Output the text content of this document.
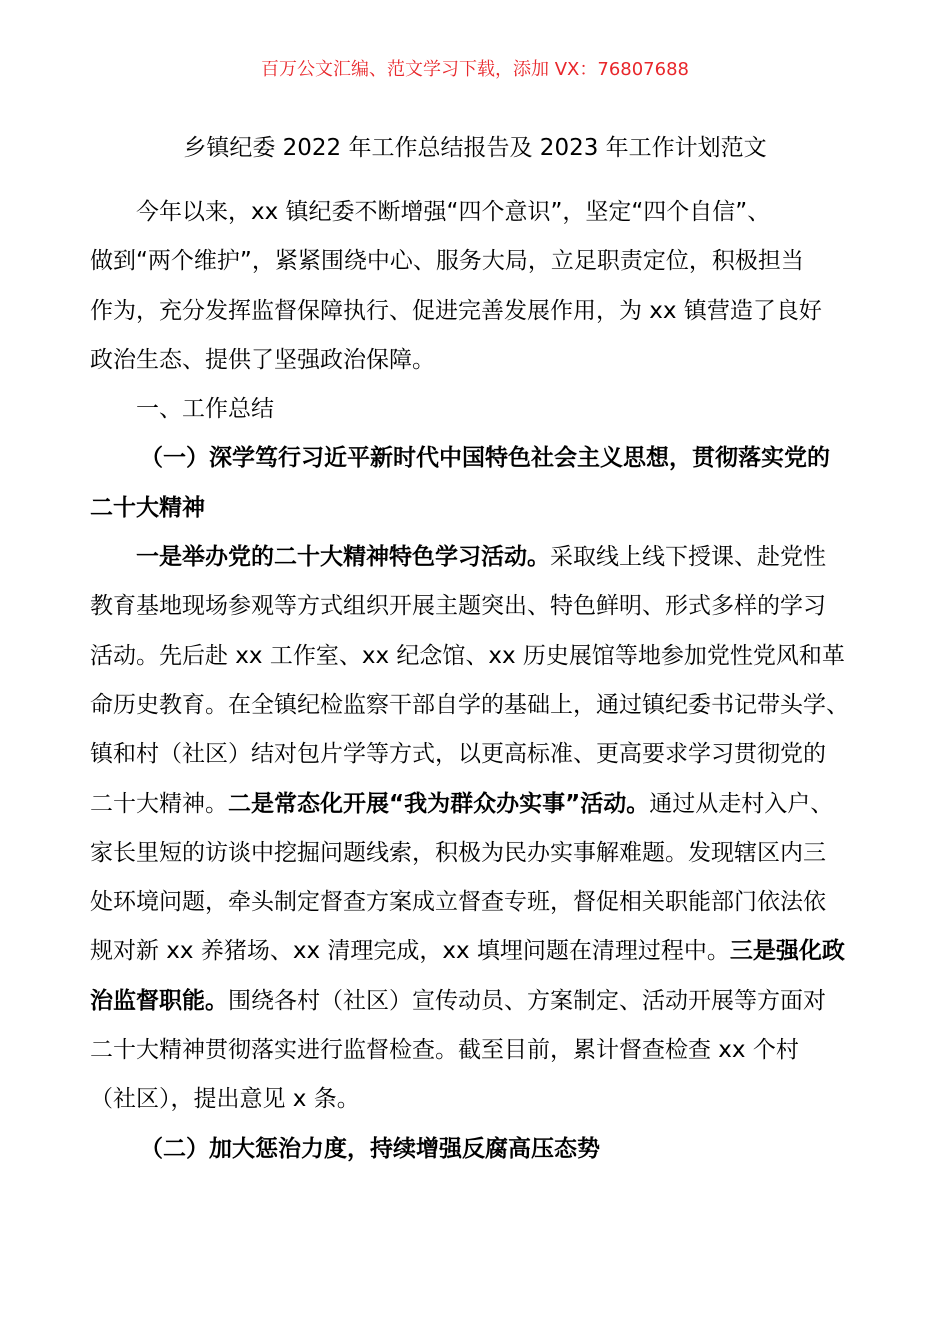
百万公文汇编、范文学习下载，添加 VX：76807688
乡镇纪委 2022 年工作总结报告及 2023 年工作计划范文

今年以来，xx 镇纪委不断增强“四个意识”，坚定“四个自信”、
做到“两个维护”，紧紧围绕中心、服务大局，立足职责定位，积极担当
作为，充分发挥监督保障执行、促进完善发展作用，为 xx 镇营造了良好
政治生态、提供了坚强政治保障。

一、工作总结

（一）深学笃行习近平新时代中国特色社会主义思想，贯彻落实党的
二十大精神

一是举办党的二十大精神特色学习活动。采取线上线下授课、赴党性
教育基地现场参观等方式组织开展主题突出、特色鲜明、形式多样的学习
活动。先后赴 xx 工作室、xx 纪念馆、xx 历史展馆等地参加党性党风和革
命历史教育。在全镇纪检监察干部自学的基础上，通过镇纪委书记带头学、
镇和村（社区）结对包片学等方式，以更高标准、更高要求学习贯彻党的
二十大精神。二是常态化开展“我为群众办实事”活动。通过从走村入户、
家长里短的访谈中挖掘问题线索，积极为民办实事解难题。发现辖区内三
处环境问题，牵头制定督查方案成立督查专班，督促相关职能部门依法依
规对新 xx 养猪场、xx 清理完成，xx 填埋问题在清理过程中。三是强化政
治监督职能。围绕各村（社区）宣传动员、方案制定、活动开展等方面对
二十大精神贯彻落实进行监督检查。截至目前，累计督查检查 xx 个村
（社区），提出意见 x 条。

（二）加大惩治力度，持续增强反腐高压态势
